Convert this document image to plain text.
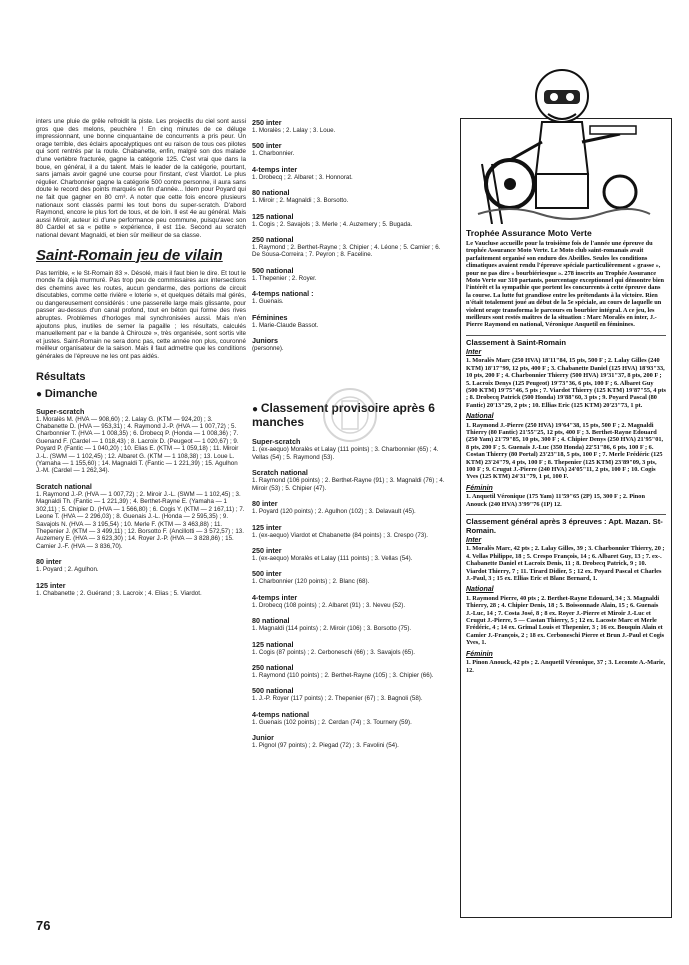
inters une pluie de grêle refroidit la piste. Les projectils du ciel sont aussi gros que des melons, peuchère ! En cinq minutes de ce déluge impressionnant, une bonne cinquantaine de concurrents a pris peur. Un orage terrible, des éclairs apocalyptiques ont eu raison de tous ces pilotes qui sont rentrés par la route. Chabanette, enfin, malgré son dos malade d'une vertèbre fracturée, gagne la catégorie 125. C'est vrai que dans la boue, en général, il a du talent. Mais le leader de la catégorie, pourtant, sans jamais avoir gagné une course pour l'instant, c'est Viardot. Le plus régulier. Charbonnier gagne la catégorie 500 contre personne, il aura sans doute le record des points marqués en fin d'année... Idem pour Poyard qui ne fait que gagner en 80 cm³. A noter que cette fois encore plusieurs nationaux sont classés parmi les tout bons du super-scratch. D'abord Raymond, encore le plus fort de tous, et de loin. Il est 4e au général. Mais aussi Miroir, auteur ici d'une performance peu commune, puisqu'avec son 80 Cardel et sa « petite » expérience, il est 11e. Second au scratch national devant Magnaldi, et bien sûr meilleur de sa classe.

Saint-Romain jeu de vilain

Pas terrible, « le St-Romain 83 ». Désolé, mais il faut bien le dire. Et tout le monde l'a déjà murmuré. Pas trop peu de commissaires aux intersections des chemins avec les routes, aucun gendarme, des portions de circuit discutables, comme cette rivière « loterie », et quelques détails mal gérés, ou dangereusement considérés : une passerelle large mais glissante, pour passer au-dessus d'un canal profond, tout en béton qui forme des rives abruptes. Problèmes d'horloges mal synchronisées aussi. Mais n'en ajoutons plus, inutiles de semer la pagaille ; les résultats, calculés manuellement par « la bande à Chirouze », très organisée, sont sortis vite et justes. Saint-Romain ne sera donc pas, cette année non plus, couronné meilleur organisateur de la saison. Mais il faut admettre que les conditions générales de l'épreuve ne les ont pas aidés.

Résultats
● Dimanche
Super-scratch
1. Moralès M. (HVA — 908,60) ; 2. Lalay G. (KTM — 924,20) ; 3. Chabanette D. (HVA — 953,31) ; 4. Raymond J.-P. (HVA — 1 007,72) ; 5. Charbonnier T. (HVA — 1 008,35) ; 6. Drobecq P. (Honda — 1 008,36) ; 7. Guenand F. (Cardel — 1 018,43) ; 8. Lacroix D. (Peugeot — 1 020,67) ; 9. Poyard P. (Fantic — 1 040,20) ; 10. Elias E. (KTM — 1 059,18) ; 11. Miroir J.-L. (SWM — 1 102,45) ; 12. Albaret G. (KTM — 1 108,38) ; 13. Loue L. (Yamaha — 1 155,60) ; 14. Magnaldi T. (Fantic — 1 221,39) ; 15. Agulhon J.-M. (Cardel — 1 262,34).
Scratch national
1. Raymond J.-P. (HVA — 1 007,72) ; 2. Miroir J.-L. (SWM — 1 102,45) ; 3. Magnaldi Th. (Fantic — 1 221,39) ; 4. Berthet-Rayne E. (Yamaha — 1 302,11) ; 5. Chipier D. (HVA — 1 566,80) ; 6. Cogis Y. (KTM — 2 167,11) ; 7. Leone T. (HVA — 2 296,03) ; 8. Guenais J.-L. (Honda — 2 595,35) ; 9. Savajols N. (HVA — 3 195,54) ; 10. Merle F. (KTM — 3 463,88) ; 11. Thepenier J. (KTM — 3 499,11) ; 12. Borsotto F. (Ancillotti — 3 572,57) ; 13. Auzemery E. (HVA — 3 623,30) ; 14. Royer J.-P. (HVA — 3 828,86) ; 15. Camier J.-F. (HVA — 3 836,70).
80 inter
1. Poyard ; 2. Agulhon.
125 inter
1. Chabanette ; 2. Guérand ; 3. Lacroix ; 4. Elias ; 5. Viardot.
76
250 inter
1. Moralès ; 2. Lalay ; 3. Loue.
500 inter
1. Charbonnier.
4-temps inter
1. Drobecq ; 2. Albaret ; 3. Honnorat.
80 national
1. Miroir ; 2. Magnaldi ; 3. Borsotto.
125 national
1. Cogis ; 2. Savajols ; 3. Merle ; 4. Auzemery ; 5. Bugada.
250 national
1. Raymond ; 2. Berthet-Rayne ; 3. Chipier ; 4. Léone ; 5. Camier ; 6. De Sousa-Correira ; 7. Peyron ; 8. Faceline.
500 national
1. Thepenier ; 2. Royer.
4-temps national :
1. Guenais.
Féminines
1. Marie-Claude Bassot.
Juniors
(personne).
● Classement provisoire après 6 manches
Super-scratch
1. (ex-aequo) Moralès et Lalay (111 points) ; 3. Charbonnier (65) ; 4. Vellas (54) ; 5. Raymond (53).
Scratch national
1. Raymond (106 points) ; 2. Berthet-Rayne (91) ; 3. Magnaldi (76) ; 4. Miroir (53) ; 5. Chipier (47).
80 inter
1. Poyard (120 points) ; 2. Agulhon (102) ; 3. Delavault (45).
125 inter
1. (ex-aequo) Viardot et Chabanette (84 points) ; 3. Crespo (73).
250 inter
1. (ex-aequo) Moralès et Lalay (111 points) ; 3. Vellas (54).
500 inter
1. Charbonnier (120 points) ; 2. Blanc (68).
4-temps inter
1. Drobecq (108 points) ; 2. Albaret (91) ; 3. Neveu (52).
80 national
1. Magnaldi (114 points) ; 2. Miroir (106) ; 3. Borsotto (75).
125 national
1. Cogis (87 points) ; 2. Cerboneschi (66) ; 3. Savajols (65).
250 national
1. Raymond (110 points) ; 2. Berthet-Rayne (105) ; 3. Chipier (66).
500 national
1. J.-P. Royer (117 points) ; 2. Thepenier (67) ; 3. Bagnoli (58).
4-temps national
1. Guenais (102 points) ; 2. Cerdan (74) ; 3. Tournery (59).
Junior
1. Pignol (97 points) ; 2. Piegad (72) ; 3. Favolini (54).
Trophée Assurance Moto Verte
Le Vaucluse accueille pour la troisième fois de l'année une épreuve du trophée Assurance Moto Verte. Le Moto club saint-romanais avait parfaitement organisé son enduro des Abeilles. Seules les conditions climatiques avaient rendu l'épreuve spéciale particulièrement « grasse », pour ne pas dire « bourbiériesque ». 278 inscrits au Trophée Assurance Moto Verte sur 310 partants, pourcentage exceptionnel qui démontre bien l'intérêt et la sympathie que portent les concurrents à cette épreuve dans la course. La lutte fut grandiose entre les prétendants à la victoire. Rien n'était totalement joué au début de la 5e spéciale, au cours de laquelle un violent orage transforma le parcours en bourbier intégral. A ce jeu, les meilleurs sont restés maîtres de la situation : Marc Moralès en inter, J.-Pierre Raymond en national, Véronique Anquetil en féminines.
Classement à Saint-Romain
Inter
1. Moralès Marc (250 HVA) 18'11"84, 15 pts, 500 F ; 2. Lalay Gilles (240 KTM) 18'17"99, 12 pts, 400 F ; 3. Chabanette Daniel (125 HVA) 18'93"33, 10 pts, 200 F ; 4. Charbonnier Thierry (500 HVA) 19'31"37, 8 pts, 200 F ; 5. Lacroix Denys (125 Peugeot) 19'73"36, 6 pts, 100 F ; 6. Albaret Guy (500 KTM) 19'75"46, 5 pts ; 7. Viardot Thierry (125 KTM) 19'87"55, 4 pts ; 8. Drobecq Patrick (500 Honda) 19'88"60, 3 pts ; 9. Poyard Pascal (80 Fantic) 20'13"29, 2 pts ; 10. Ellias Eric (125 KTM) 20'23"73, 1 pt.
National
1. Raymond J.-Pierre (250 HVA) 19'64"38, 15 pts, 500 F ; 2. Magnaldi Thierry (80 Fantic) 21'55"25, 12 pts, 400 F ; 3. Berthet-Rayne Edouard (250 Yam) 21'79"85, 10 pts, 300 F ; 4. Chipier Denys (250 HVA) 21'95"01, 8 pts, 200 F ; 5. Guenais J.-Luc (350 Honda) 22'51"86, 6 pts, 100 F ; 6. Costan Thierry (80 Portal) 23'23"18, 5 pts, 100 F ; 7. Merle Frédéric (125 KTM) 23'24"79, 4 pts, 100 F ; 8. Thepenier (125 KTM) 23'89"09, 3 pts, 100 F ; 9. Crugut J.-Pierre (240 HVA) 24'05"11, 2 pts, 100 F ; 10. Cogis Yves (125 KTM) 24'31"79, 1 pt, 100 F.
Féminin
1. Anquetil Véronique (175 Yam) 11'59"65 (2P) 15, 300 F ; 2. Pinon Anouck (240 HVA) 3'99"76 (1P) 12.
Classement général après 3 épreuves : Apt. Mazan. St-Romain.
Inter
1. Moralès Marc, 42 pts ; 2. Lalay Gilles, 39 ; 3. Charbonnier Thierry, 20 ; 4. Vellas Philippe, 18 ; 5. Crespo François, 14 ; 6. Albaret Guy, 13 ; 7. ex-. Chabanette Daniel et Lacroix Denis, 11 ; 8. Drobecq Patrick, 9 ; 10. Viardot Thierry, 7 ; 11. Tirard Didier, 5 ; 12 ex. Poyard Pascal et Charles J.-Paul, 3 ; 15 ex. Ellias Eric et Blanc Bernard, 1.
National
1. Raymond Pierre, 40 pts ; 2. Berthet-Rayne Edouard, 34 ; 3. Magnaldi Thierry, 28 ; 4. Chipier Denis, 18 ; 5. Boissonnade Alain, 15 ; 6. Guenais J.-Luc, 14 ; 7. Costa José, 8 ; 8 ex. Royer J.-Pierre et Miroir J.-Luc et Crugut J.-Pierre, 5 — Castan Thierry, 5 ; 12 ex. Lacoste Marc et Merle Frédéric, 4 ; 14 ex. Grimal Louis et Thepenier, 3 ; 16 ex. Bouquin Alain et Camier J.-François, 2 ; 18 ex. Cerboneschi Pierre et Brun J.-Paul et Cogis Yves, 1.
Féminin
1. Pinon Anouck, 42 pts ; 2. Anquetil Véronique, 37 ; 3. Lecomte A.-Marie, 12.
